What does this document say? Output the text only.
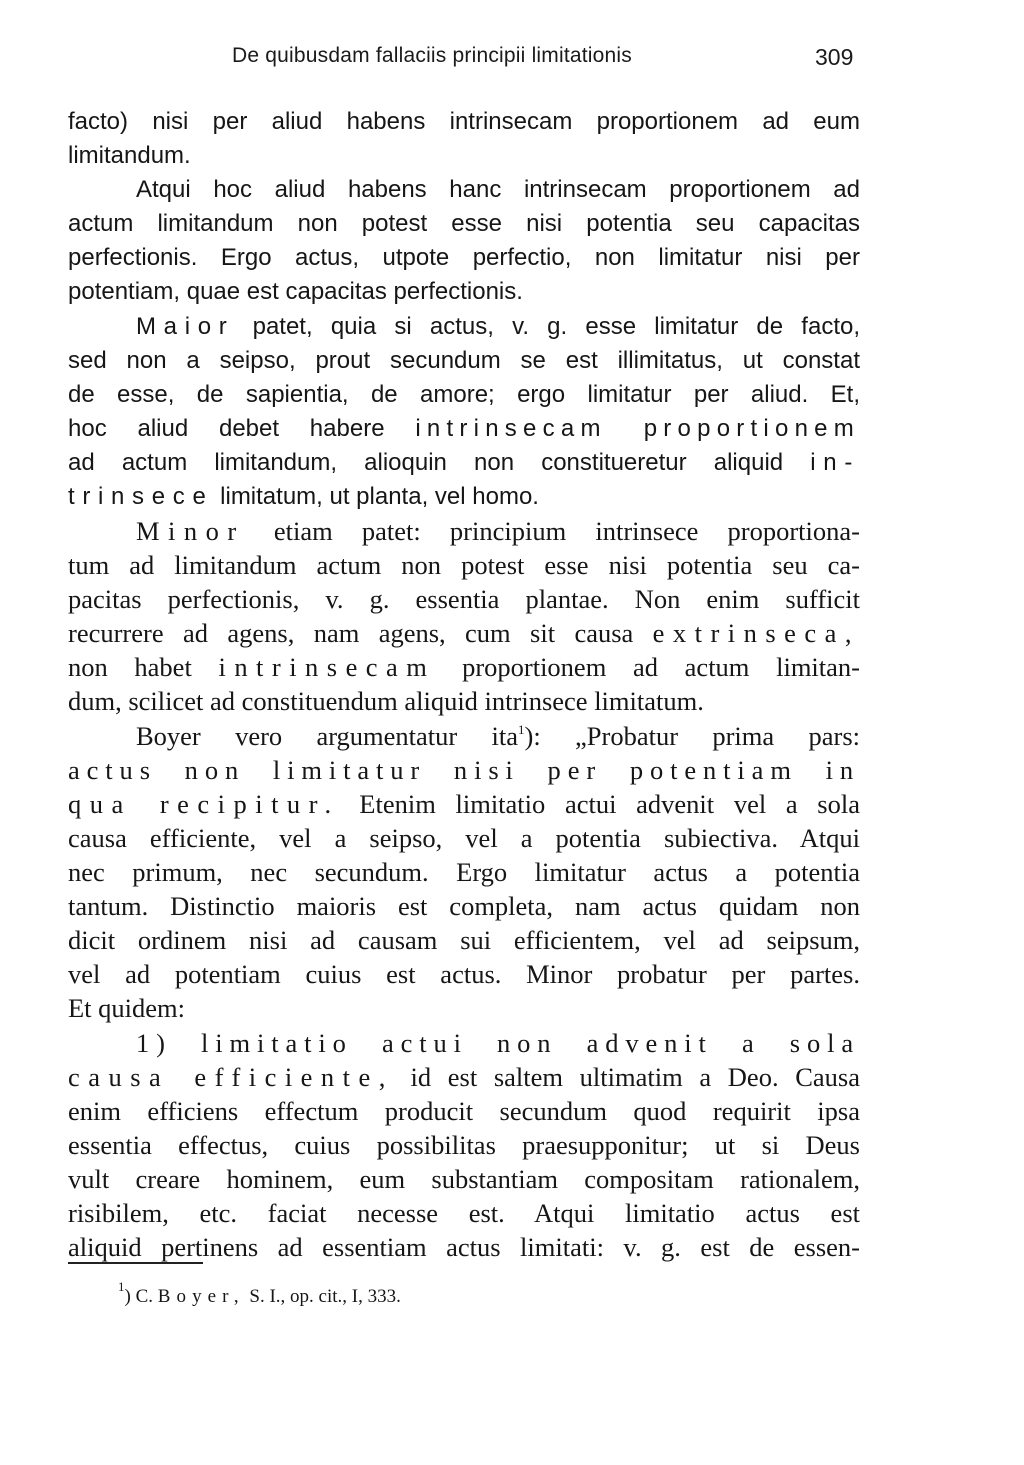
De quibusdam fallaciis principii limitationis	309
facto) nisi per aliud habens intrinsecam proportionem ad eum
limitandum.
Atqui hoc aliud habens hanc intrinsecam proportionem ad
actum limitandum non potest esse nisi potentia seu capacitas
perfectionis. Ergo actus, utpote perfectio, non limitatur nisi per
potentiam, quae est capacitas perfectionis.
Maior patet, quia si actus, v. g. esse limitatur de facto,
sed non a seipso, prout secundum se est illimitatus, ut constat
de esse, de sapientia, de amore; ergo limitatur per aliud. Et,
hoc aliud debet habere intrinsecam proportionem
ad actum limitandum, alioquin non constitueretur aliquid in-
trinsece limitatum, ut planta, vel homo.
Minor etiam patet: principium intrinsece proportiona-
tum ad limitandum actum non potest esse nisi potentia seu ca-
pacitas perfectionis, v. g. essentia plantae. Non enim sufficit
recurrere ad agens, nam agens, cum sit causa extrinseca,
non habet intrinsecam proportionem ad actum limitan-
dum, scilicet ad constituendum aliquid intrinsece limitatum.
Boyer vero argumentatur ita$^1$): „Probatur prima pars:
actus non limitatur nisi per potentiam in
qua recipitur. Etenim limitatio actui advenit vel a sola
causa efficiente, vel a seipso, vel a potentia subiectiva. Atqui
nec primum, nec secundum. Ergo limitatur actus a potentia
tantum. Distinctio maioris est completa, nam actus quidam non
dicit ordinem nisi ad causam sui efficientem, vel ad seipsum,
vel ad potentiam cuius est actus. Minor probatur per partes.
Et quidem:
1) limitatio actui non advenit a sola
causa efficiente, id est saltem ultimatim a Deo. Causa
enim efficiens effectum producit secundum quod requirit ipsa
essentia effectus, cuius possibilitas praesupponitur; ut si Deus
vult creare hominem, eum substantiam compositam rationalem,
risibilem, etc. faciat necesse est. Atqui limitatio actus est
aliquid pertinens ad essentiam actus limitati: v. g. est de essen-
$^1$) C. Boyer, S. I., op. cit., I, 333.
